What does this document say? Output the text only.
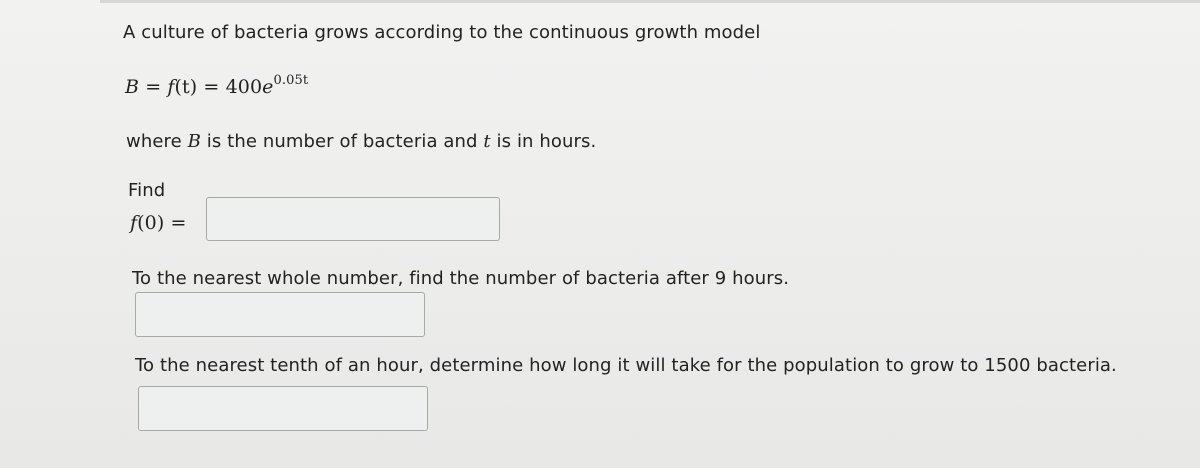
A culture of bacteria grows according to the continuous growth model
$B = f(t) = 400e^{0.05t}$
where B is the number of bacteria and t is in hours.
Find
f(0) =
To the nearest whole number, find the number of bacteria after 9 hours.
To the nearest tenth of an hour, determine how long it will take for the population to grow to 1500 bacteria.
